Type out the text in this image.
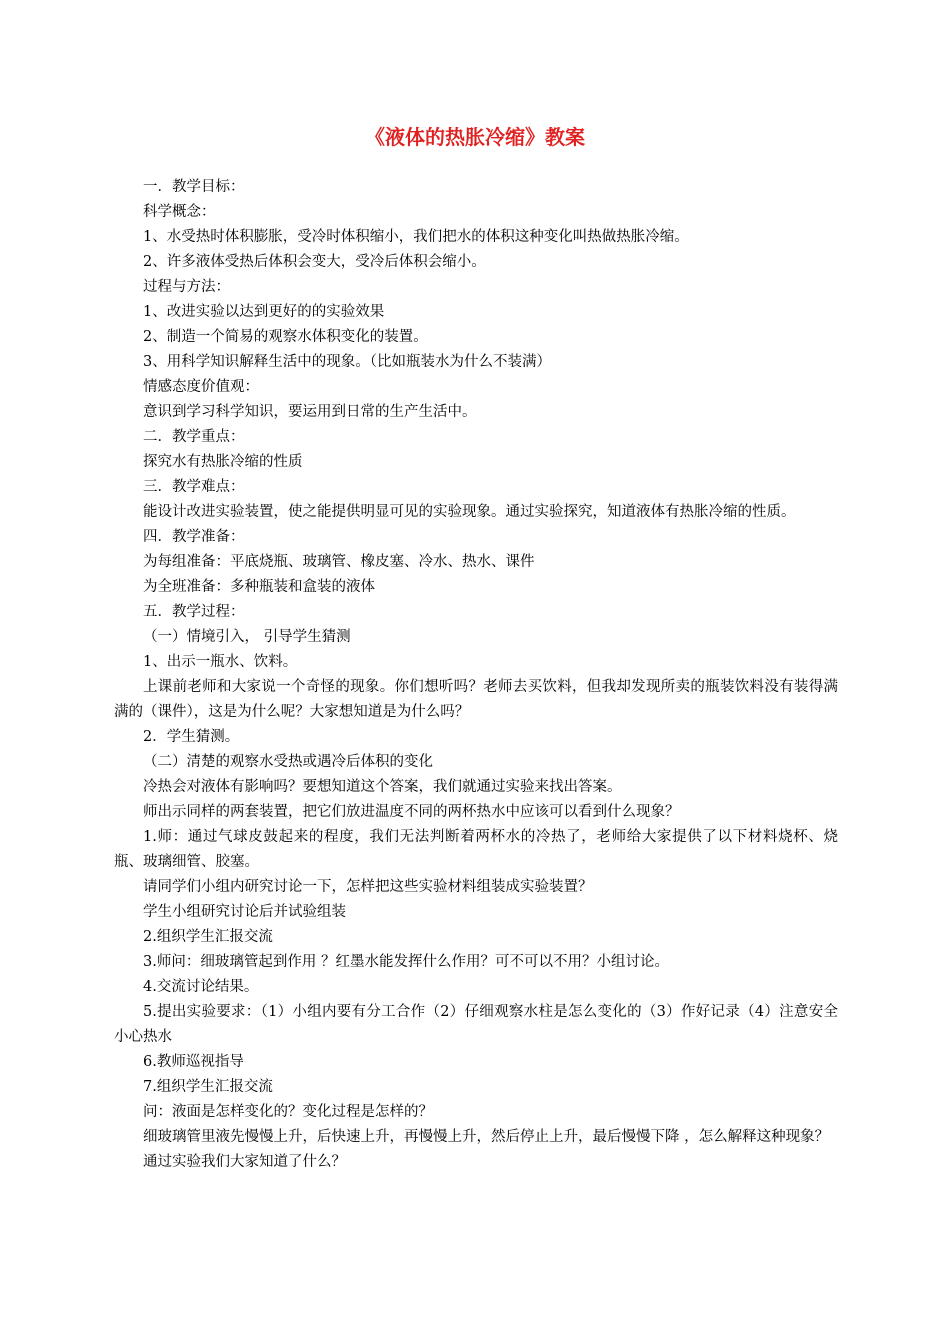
《液体的热胀冷缩》教案

一．教学目标：

科学概念：

1、水受热时体积膨胀，受冷时体积缩小，我们把水的体积这种变化叫热做热胀冷缩。

2、许多液体受热后体积会变大，受冷后体积会缩小。

过程与方法：

1、改进实验以达到更好的的实验效果

2、制造一个简易的观察水体积变化的装置。

3、用科学知识解释生活中的现象。（比如瓶装水为什么不装满）

情感态度价值观：

意识到学习科学知识，要运用到日常的生产生活中。

二．教学重点：

探究水有热胀冷缩的性质

三．教学难点：

能设计改进实验装置，使之能提供明显可见的实验现象。通过实验探究，知道液体有热胀冷缩的性质。

四．教学准备：

为每组准备：平底烧瓶、玻璃管、橡皮塞、冷水、热水、课件

为全班准备：多种瓶装和盒装的液体

五．教学过程：

（一）情境引入， 引导学生猜测

1、出示一瓶水、饮料。

上课前老师和大家说一个奇怪的现象。你们想听吗？老师去买饮料，但我却发现所卖的瓶装饮料没有装得满满的（课件），这是为什么呢？大家想知道是为什么吗？

2．学生猜测。

（二）清楚的观察水受热或遇冷后体积的变化

冷热会对液体有影响吗？要想知道这个答案，我们就通过实验来找出答案。

师出示同样的两套装置，把它们放进温度不同的两杯热水中应该可以看到什么现象？

1.师：通过气球皮鼓起来的程度，我们无法判断着两杯水的冷热了，老师给大家提供了以下材料烧杯、烧瓶、玻璃细管、胶塞。

请同学们小组内研究讨论一下，怎样把这些实验材料组装成实验装置？

学生小组研究讨论后并试验组装

2.组织学生汇报交流

3.师问：细玻璃管起到作用 ？红墨水能发挥什么作用？可不可以不用？小组讨论。

4.交流讨论结果。

5.提出实验要求：（1）小组内要有分工合作（2）仔细观察水柱是怎么变化的（3）作好记录（4）注意安全小心热水

6.教师巡视指导

7.组织学生汇报交流

问：液面是怎样变化的？变化过程是怎样的？

细玻璃管里液先慢慢上升，后快速上升，再慢慢上升，然后停止上升，最后慢慢下降 ，怎么解释这种现象？

通过实验我们大家知道了什么？
